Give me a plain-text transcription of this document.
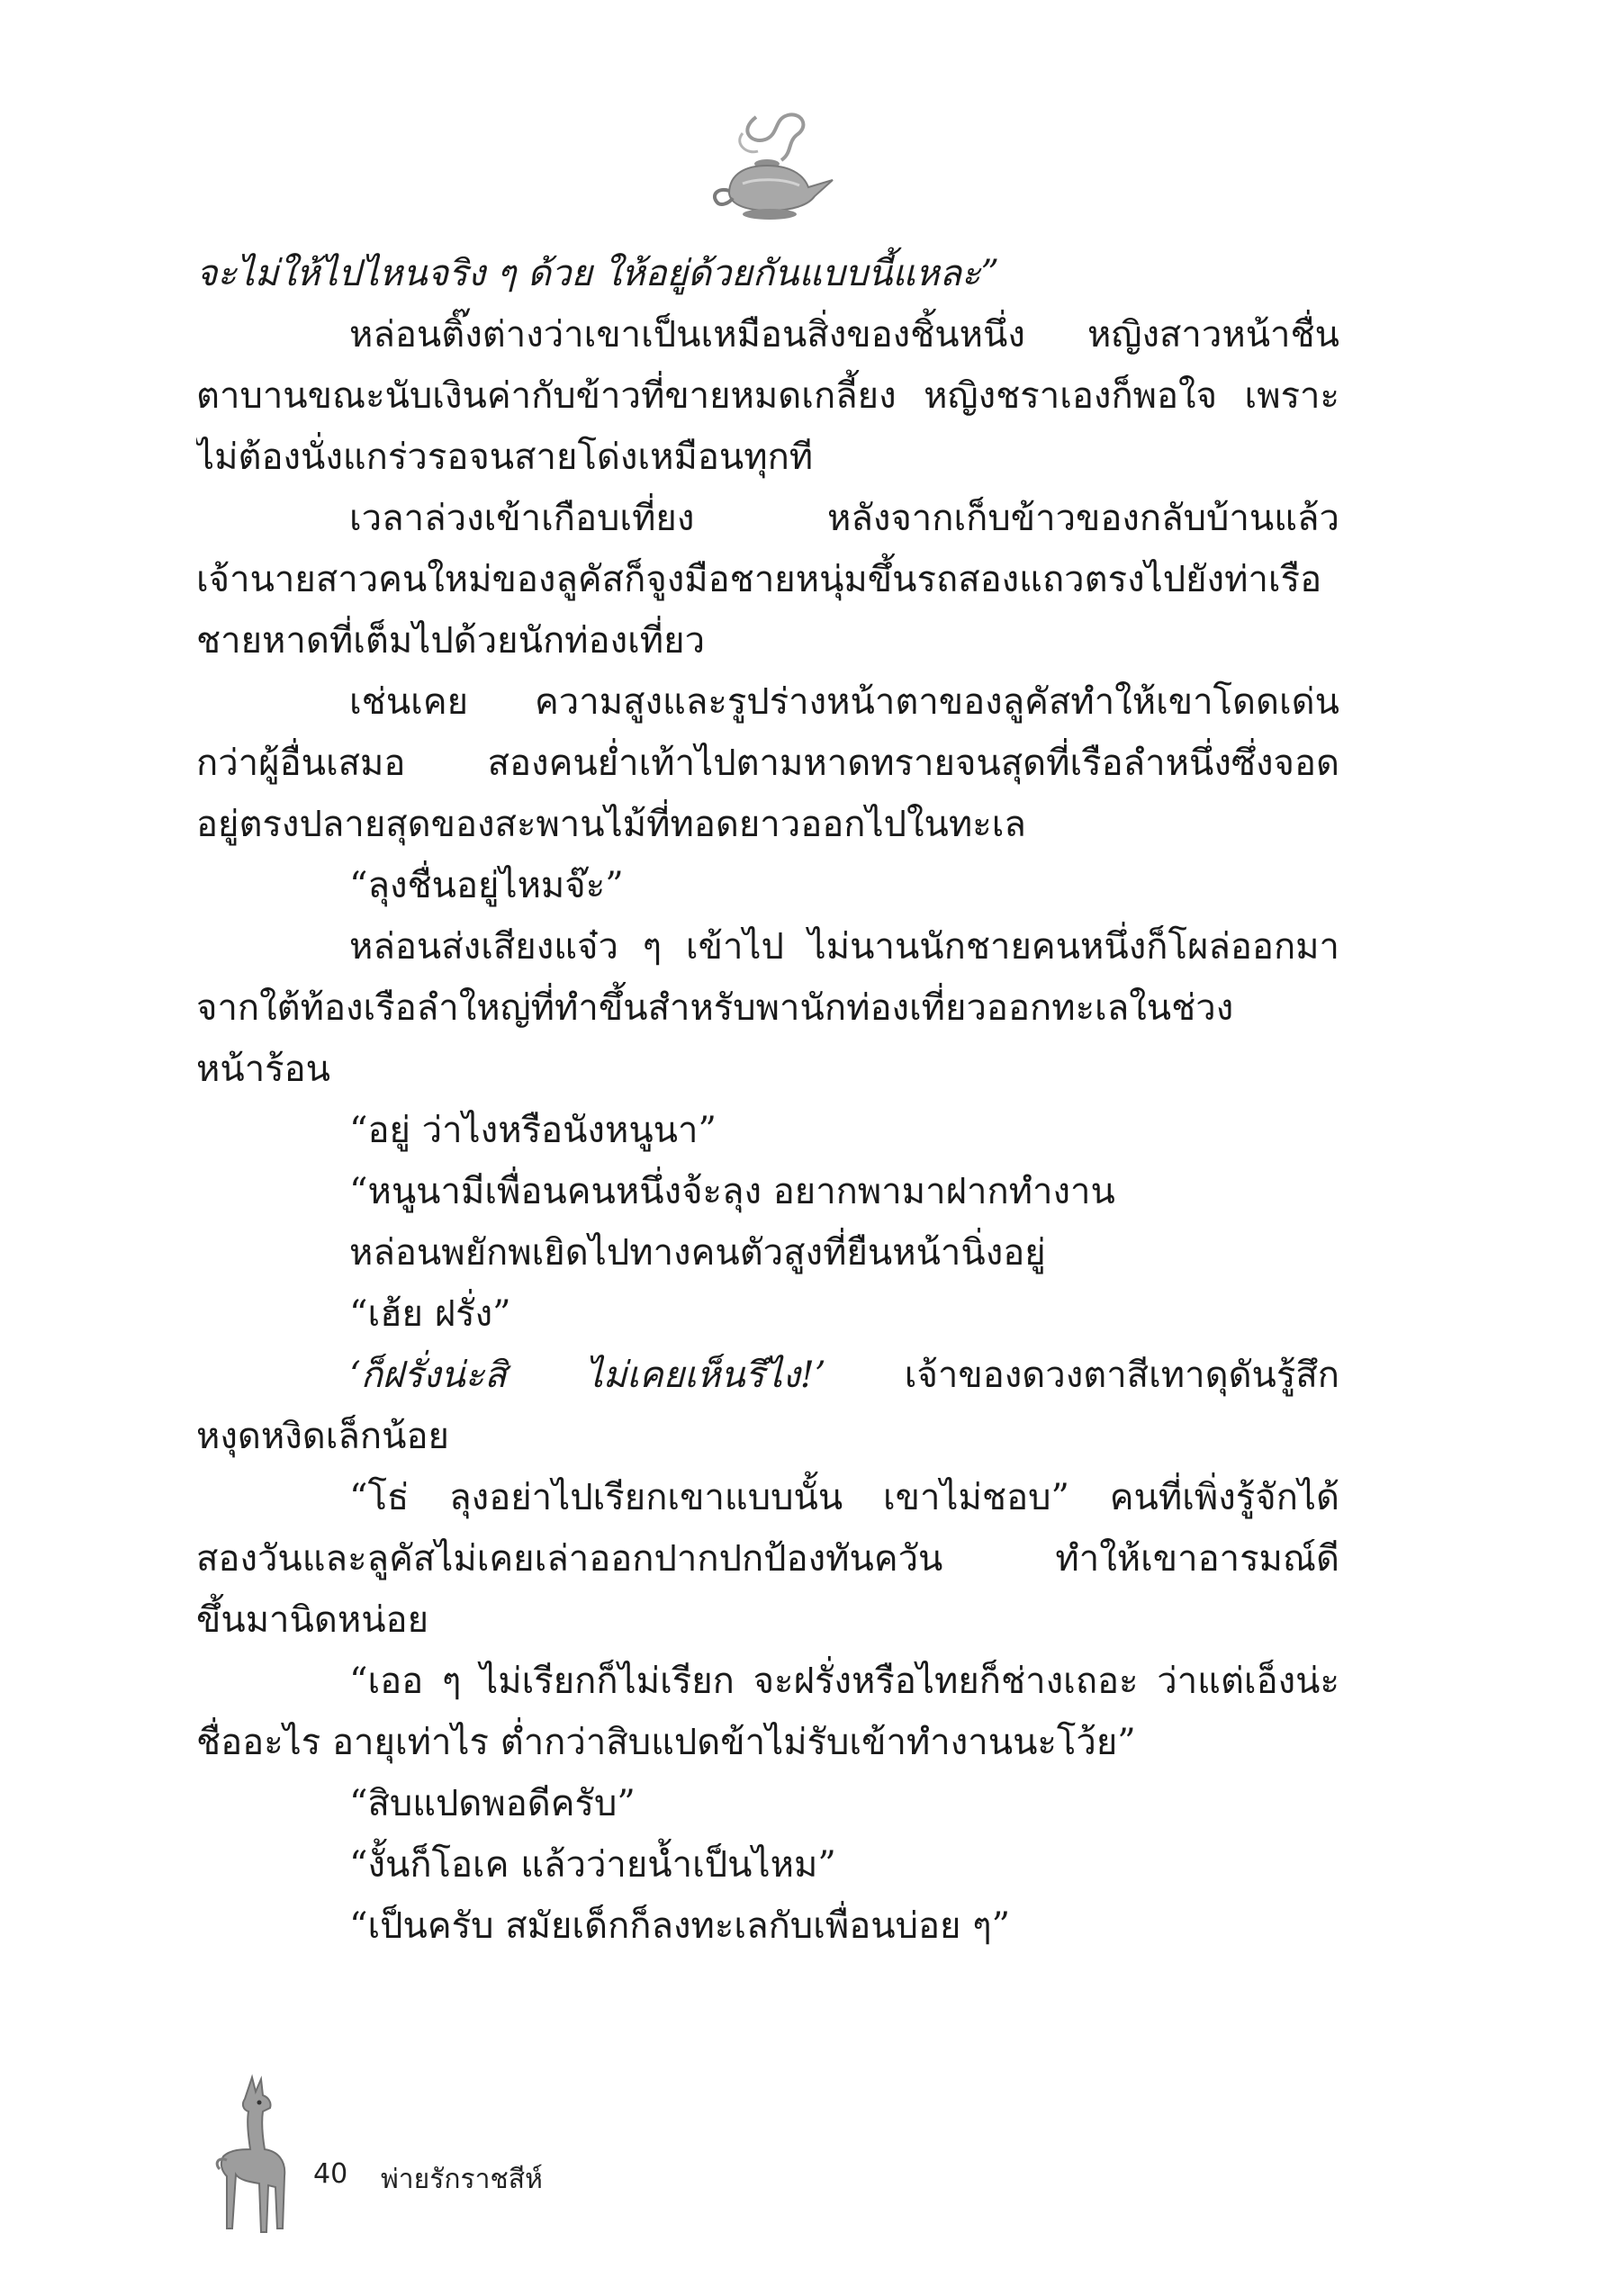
จะไม่ให้ไปไหนจริง ๆ ด้วย ให้อยู่ด้วยกันแบบนี้แหละ”
หล่อนติ๊งต่างว่าเขาเป็นเหมือนสิ่งของชิ้นหนึ่ง หญิงสาวหน้าชื่น
ตาบานขณะนับเงินค่ากับข้าวที่ขายหมดเกลี้ยง หญิงชราเองก็พอใจ เพราะ
ไม่ต้องนั่งแกร่วรอจนสายโด่งเหมือนทุกที
เวลาล่วงเข้าเกือบเที่ยง หลังจากเก็บข้าวของกลับบ้านแล้ว
เจ้านายสาวคนใหม่ของลูคัสก็จูงมือชายหนุ่มขึ้นรถสองแถวตรงไปยังท่าเรือ
ชายหาดที่เต็มไปด้วยนักท่องเที่ยว
เช่นเคย ความสูงและรูปร่างหน้าตาของลูคัสทำให้เขาโดดเด่น
กว่าผู้อื่นเสมอ สองคนย่ำเท้าไปตามหาดทรายจนสุดที่เรือลำหนึ่งซึ่งจอด
อยู่ตรงปลายสุดของสะพานไม้ที่ทอดยาวออกไปในทะเล
“ลุงชื่นอยู่ไหมจ๊ะ”
หล่อนส่งเสียงแจ๋ว ๆ เข้าไป ไม่นานนักชายคนหนึ่งก็โผล่ออกมา
จากใต้ท้องเรือลำใหญ่ที่ทำขึ้นสำหรับพานักท่องเที่ยวออกทะเลในช่วง
หน้าร้อน
“อยู่ ว่าไงหรือนังหนูนา”
“หนูนามีเพื่อนคนหนึ่งจ้ะลุง อยากพามาฝากทำงาน
หล่อนพยักพเยิดไปทางคนตัวสูงที่ยืนหน้านิ่งอยู่
“เฮ้ย ฝรั่ง”
‘ก็ฝรั่งน่ะสิ ไม่เคยเห็นรึไง!’ เจ้าของดวงตาสีเทาดุดันรู้สึก
หงุดหงิดเล็กน้อย
“โธ่ ลุงอย่าไปเรียกเขาแบบนั้น เขาไม่ชอบ” คนที่เพิ่งรู้จักได้
สองวันและลูคัสไม่เคยเล่าออกปากปกป้องทันควัน ทำให้เขาอารมณ์ดี
ขึ้นมานิดหน่อย
“เออ ๆ ไม่เรียกก็ไม่เรียก จะฝรั่งหรือไทยก็ช่างเถอะ ว่าแต่เอ็งน่ะ
ชื่ออะไร อายุเท่าไร ต่ำกว่าสิบแปดข้าไม่รับเข้าทำงานนะโว้ย”
“สิบแปดพอดีครับ”
“งั้นก็โอเค แล้วว่ายน้ำเป็นไหม”
“เป็นครับ สมัยเด็กก็ลงทะเลกับเพื่อนบ่อย ๆ”
40 พ่ายรักราชสีห์
